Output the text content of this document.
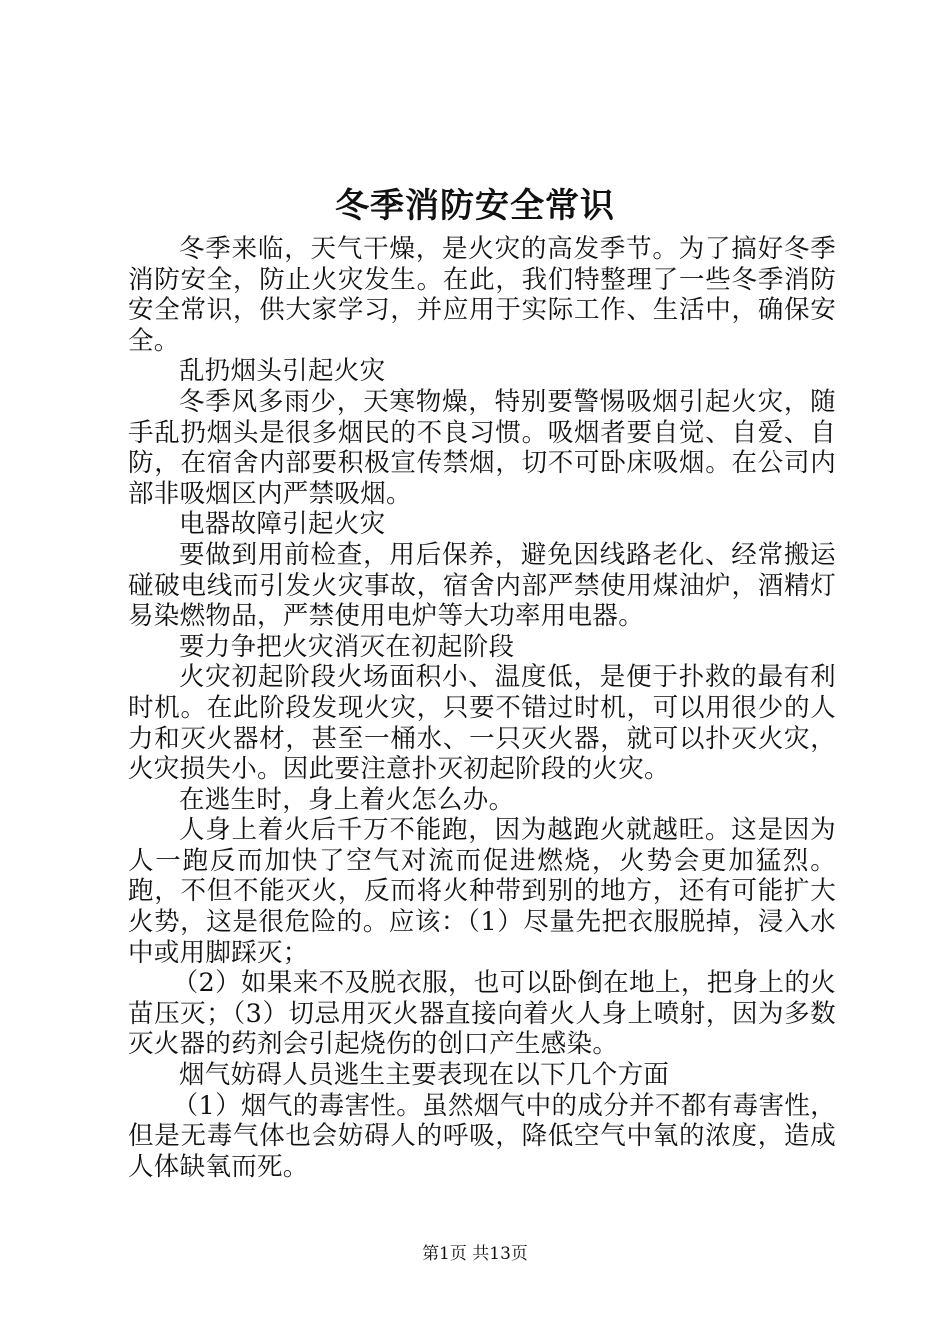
冬季消防安全常识

冬季来临，天气干燥，是火灾的高发季节。为了搞好冬季消防安全，防止火灾发生。在此，我们特整理了一些冬季消防安全常识，供大家学习，并应用于实际工作、生活中，确保安全。

乱扔烟头引起火灾

冬季风多雨少，天寒物燥，特别要警惕吸烟引起火灾，随手乱扔烟头是很多烟民的不良习惯。吸烟者要自觉、自爱、自防，在宿舍内部要积极宣传禁烟，切不可卧床吸烟。在公司内部非吸烟区内严禁吸烟。

电器故障引起火灾

要做到用前检查，用后保养，避免因线路老化、经常搬运碰破电线而引发火灾事故，宿舍内部严禁使用煤油炉，酒精灯易染燃物品，严禁使用电炉等大功率用电器。

要力争把火灾消灭在初起阶段

火灾初起阶段火场面积小、温度低，是便于扑救的最有利时机。在此阶段发现火灾，只要不错过时机，可以用很少的人力和灭火器材，甚至一桶水、一只灭火器，就可以扑灭火灾，火灾损失小。因此要注意扑灭初起阶段的火灾。

在逃生时，身上着火怎么办。

人身上着火后千万不能跑，因为越跑火就越旺。这是因为人一跑反而加快了空气对流而促进燃烧，火势会更加猛烈。跑，不但不能灭火，反而将火种带到别的地方，还有可能扩大火势，这是很危险的。应该：（1）尽量先把衣服脱掉，浸入水中或用脚踩灭；

（2）如果来不及脱衣服，也可以卧倒在地上，把身上的火苗压灭；（3）切忌用灭火器直接向着火人身上喷射，因为多数灭火器的药剂会引起烧伤的创口产生感染。

烟气妨碍人员逃生主要表现在以下几个方面

（1）烟气的毒害性。虽然烟气中的成分并不都有毒害性，但是无毒气体也会妨碍人的呼吸，降低空气中氧的浓度，造成人体缺氧而死。

第1页 共13页
